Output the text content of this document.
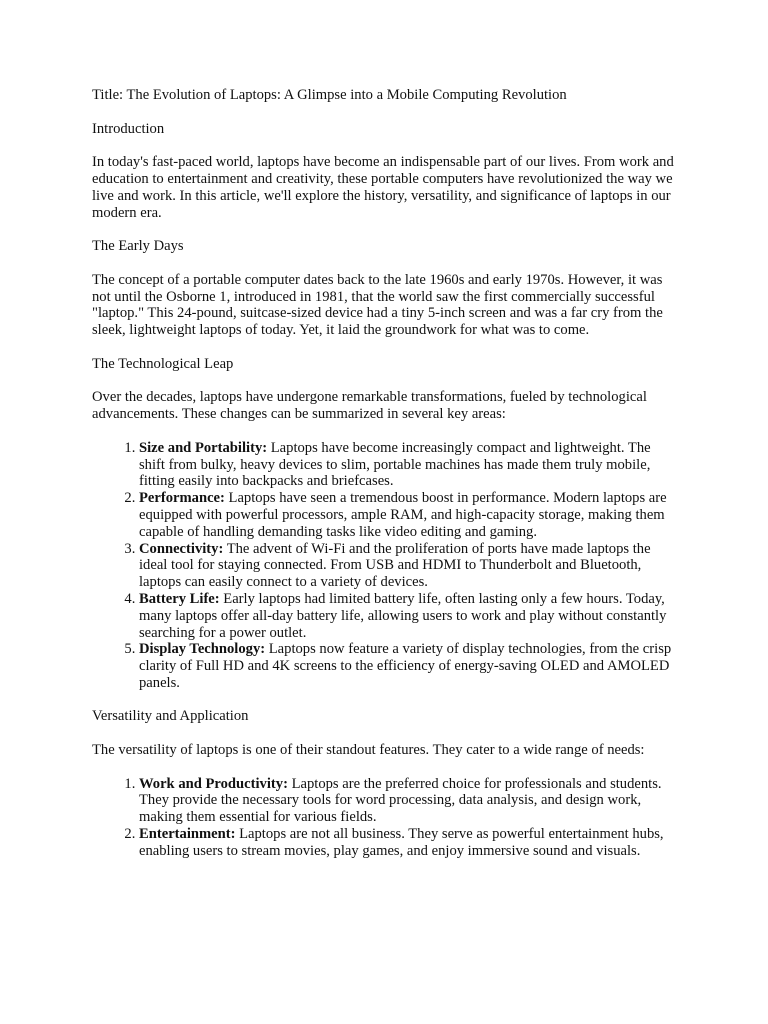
Title: The Evolution of Laptops: A Glimpse into a Mobile Computing Revolution

Introduction

In today's fast-paced world, laptops have become an indispensable part of our lives. From work and education to entertainment and creativity, these portable computers have revolutionized the way we live and work. In this article, we'll explore the history, versatility, and significance of laptops in our modern era.

The Early Days

The concept of a portable computer dates back to the late 1960s and early 1970s. However, it was not until the Osborne 1, introduced in 1981, that the world saw the first commercially successful "laptop." This 24-pound, suitcase-sized device had a tiny 5-inch screen and was a far cry from the sleek, lightweight laptops of today. Yet, it laid the groundwork for what was to come.

The Technological Leap

Over the decades, laptops have undergone remarkable transformations, fueled by technological advancements. These changes can be summarized in several key areas:

1. Size and Portability: Laptops have become increasingly compact and lightweight. The shift from bulky, heavy devices to slim, portable machines has made them truly mobile, fitting easily into backpacks and briefcases.
2. Performance: Laptops have seen a tremendous boost in performance. Modern laptops are equipped with powerful processors, ample RAM, and high-capacity storage, making them capable of handling demanding tasks like video editing and gaming.
3. Connectivity: The advent of Wi-Fi and the proliferation of ports have made laptops the ideal tool for staying connected. From USB and HDMI to Thunderbolt and Bluetooth, laptops can easily connect to a variety of devices.
4. Battery Life: Early laptops had limited battery life, often lasting only a few hours. Today, many laptops offer all-day battery life, allowing users to work and play without constantly searching for a power outlet.
5. Display Technology: Laptops now feature a variety of display technologies, from the crisp clarity of Full HD and 4K screens to the efficiency of energy-saving OLED and AMOLED panels.

Versatility and Application

The versatility of laptops is one of their standout features. They cater to a wide range of needs:

1. Work and Productivity: Laptops are the preferred choice for professionals and students. They provide the necessary tools for word processing, data analysis, and design work, making them essential for various fields.
2. Entertainment: Laptops are not all business. They serve as powerful entertainment hubs, enabling users to stream movies, play games, and enjoy immersive sound and visuals.
